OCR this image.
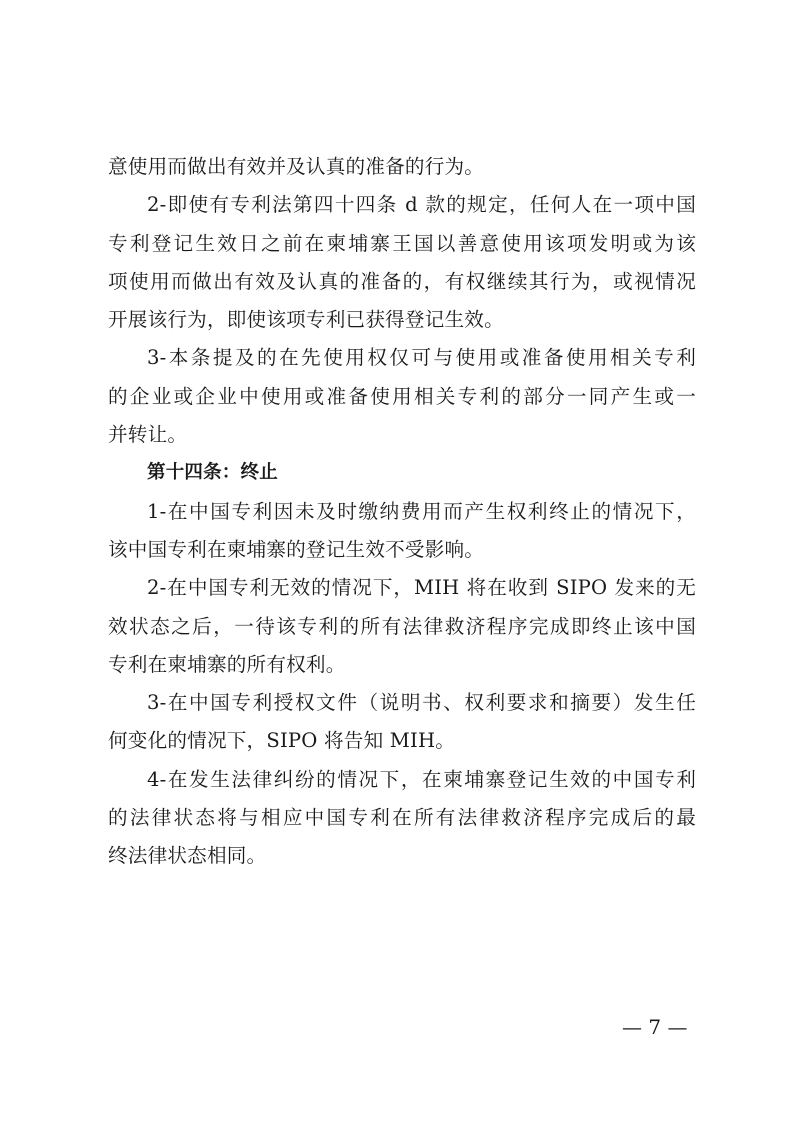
意使用而做出有效并及认真的准备的行为。
2-即使有专利法第四十四条 d 款的规定，任何人在一项中国
专利登记生效日之前在柬埔寨王国以善意使用该项发明或为该
项使用而做出有效及认真的准备的，有权继续其行为，或视情况
开展该行为，即使该项专利已获得登记生效。
3-本条提及的在先使用权仅可与使用或准备使用相关专利
的企业或企业中使用或准备使用相关专利的部分一同产生或一
并转让。
第十四条：终止
1-在中国专利因未及时缴纳费用而产生权利终止的情况下，
该中国专利在柬埔寨的登记生效不受影响。
2-在中国专利无效的情况下，MIH 将在收到 SIPO 发来的无
效状态之后，一待该专利的所有法律救济程序完成即终止该中国
专利在柬埔寨的所有权利。
3-在中国专利授权文件（说明书、权利要求和摘要）发生任
何变化的情况下，SIPO 将告知 MIH。
4-在发生法律纠纷的情况下，在柬埔寨登记生效的中国专利
的法律状态将与相应中国专利在所有法律救济程序完成后的最
终法律状态相同。
— 7 —
